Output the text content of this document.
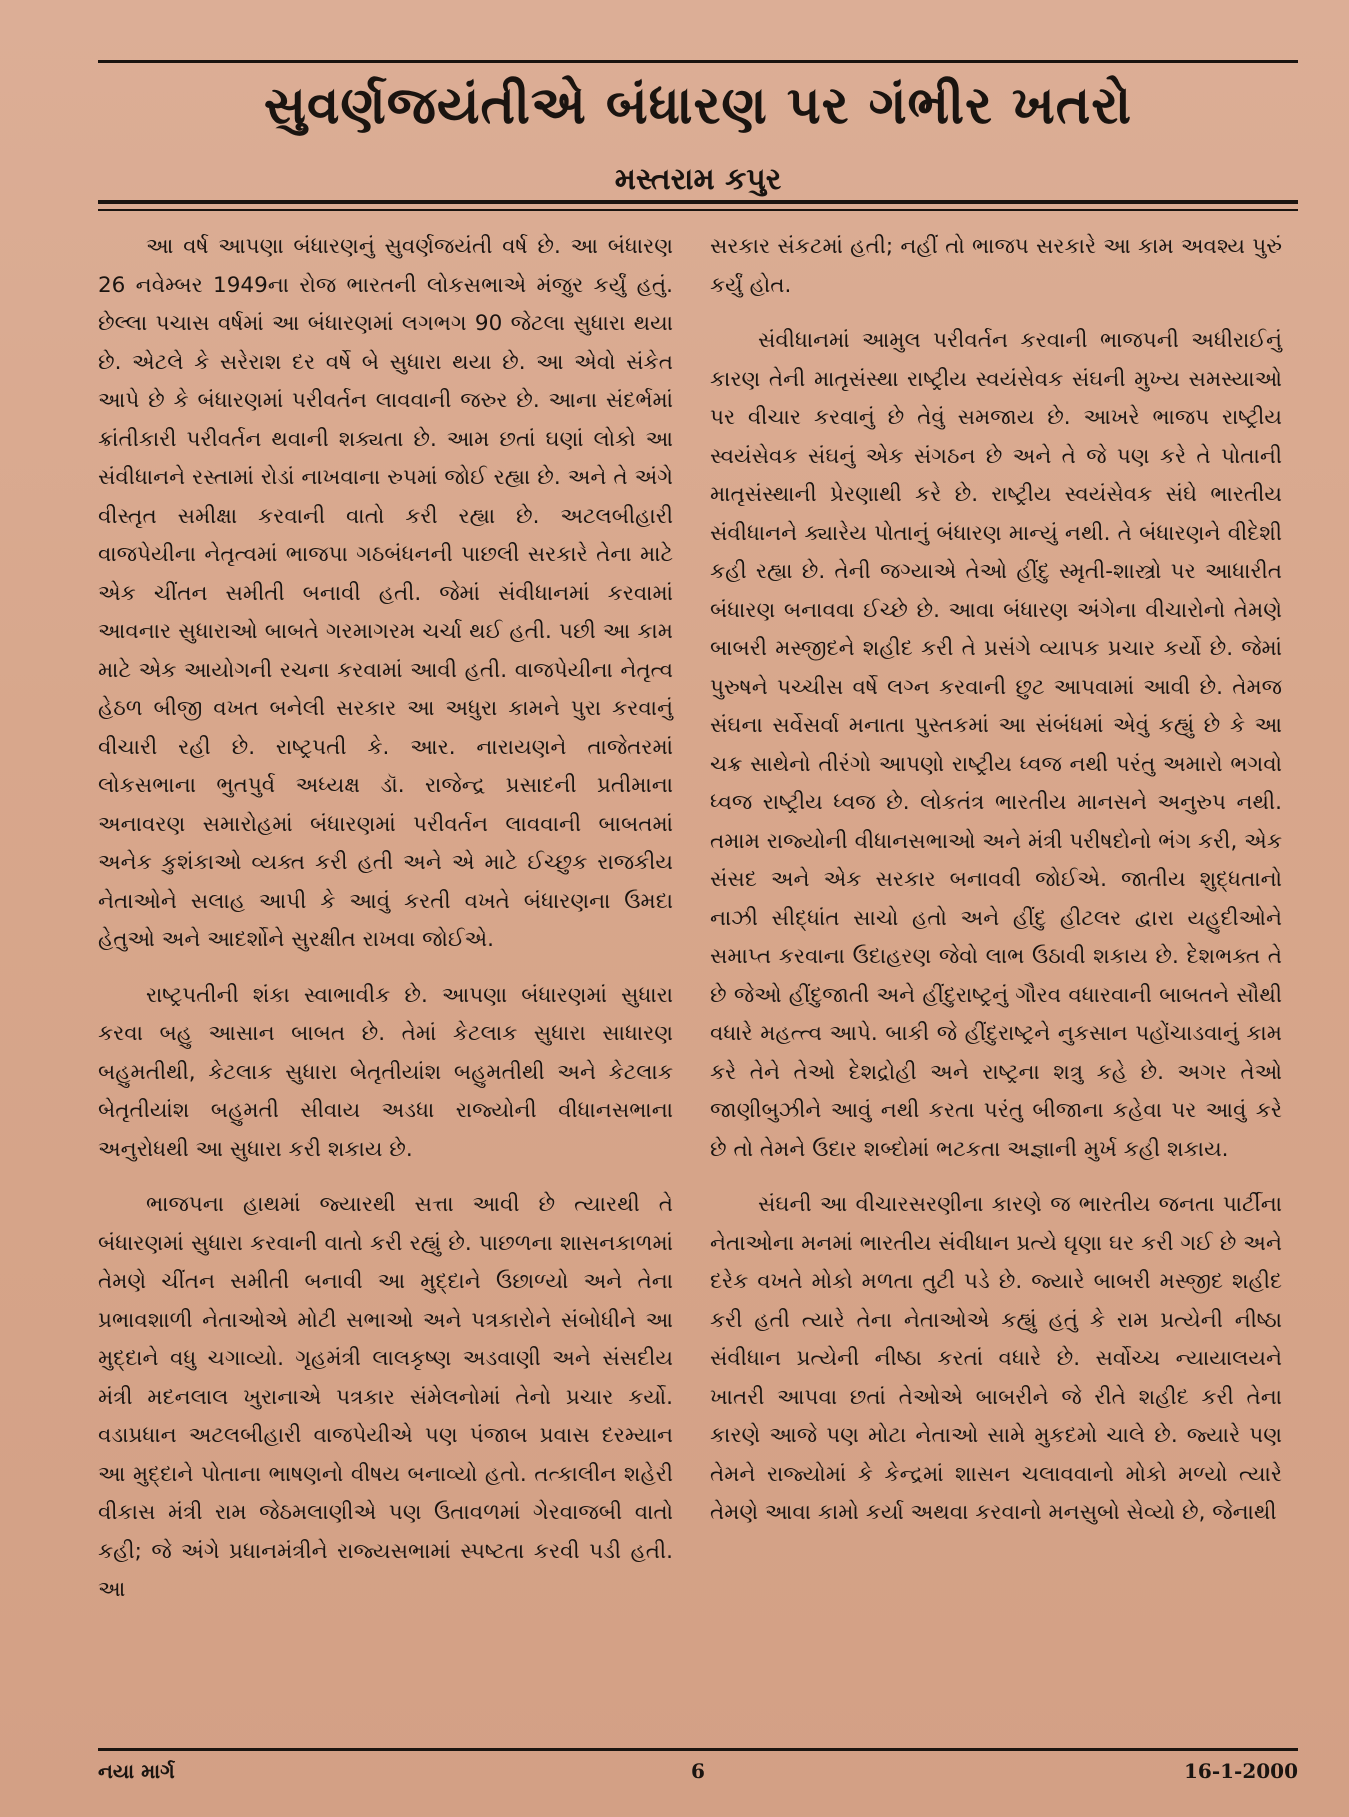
સુવર્ણજયંતીએ બંધારણ પર ગંભીર ખતરો
મસ્તરામ કપુર

આ વર્ષ આપણા બંધારણનું સુવર્ણજયંતી વર્ષ છે. આ બંધારણ 26 નવેમ્બર 1949ના રોજ ભારતની લોકસભાએ મંજુર કર્યું હતું. છેલ્લા પચાસ વર્ષમાં આ બંધારણમાં લગભગ 90 જેટલા સુધારા થયા છે. એટલે કે સરેરાશ દર વર્ષે બે સુધારા થયા છે. આ એવો સંકેત આપે છે કે બંધારણમાં પરીવર્તન લાવવાની જરુર છે. આના સંદર્ભમાં ક્રાંતીકારી પરીવર્તન થવાની શક્યતા છે. આમ છતાં ઘણાં લોકો આ સંવીધાનને રસ્તામાં રોડાં નાખવાના રુપમાં જોઈ રહ્યા છે. અને તે અંગે વીસ્તૃત સમીક્ષા કરવાની વાતો કરી રહ્યા છે. અટલબીહારી વાજપેયીના નેતૃત્વમાં ભાજપા ગઠબંધનની પાછલી સરકારે તેના માટે એક ચીંતન સમીતી બનાવી હતી. જેમાં સંવીધાનમાં કરવામાં આવનાર સુધારાઓ બાબતે ગરમાગરમ ચર્ચા થઈ હતી. પછી આ કામ માટે એક આયોગની રચના કરવામાં આવી હતી. વાજપેયીના નેતૃત્વ હેઠળ બીજી વખત બનેલી સરકાર આ અધુરા કામને પુરા કરવાનું વીચારી રહી છે. રાષ્ટ્રપતી કે. આર. નારાયણને તાજેતરમાં લોકસભાના ભુતપુર્વ અધ્યક્ષ ડૉ. રાજેન્દ્ર પ્રસાદની પ્રતીમાના અનાવરણ સમારોહમાં બંધારણમાં પરીવર્તન લાવવાની બાબતમાં અનેક કુશંકાઓ વ્યક્ત કરી હતી અને એ માટે ઈચ્છુક રાજકીય નેતાઓને સલાહ આપી કે આવું કરતી વખતે બંધારણના ઉમદા હેતુઓ અને આદર્શોને સુરક્ષીત રાખવા જોઈએ.

રાષ્ટ્રપતીની શંકા સ્વાભાવીક છે. આપણા બંધારણમાં સુધારા કરવા બહુ આસાન બાબત છે. તેમાં કેટલાક સુધારા સાધારણ બહુમતીથી, કેટલાક સુધારા બેતૃતીયાંશ બહુમતીથી અને કેટલાક બેતૃતીયાંશ બહુમતી સીવાય અડધા રાજ્યોની વીધાનસભાના અનુરોધથી આ સુધારા કરી શકાય છે.

ભાજપના હાથમાં જ્યારથી સત્તા આવી છે ત્યારથી તે બંધારણમાં સુધારા કરવાની વાતો કરી રહ્યું છે. પાછળના શાસનકાળમાં તેમણે ચીંતન સમીતી બનાવી આ મુદ્દાને ઉછાળ્યો અને તેના પ્રભાવશાળી નેતાઓએ મોટી સભાઓ અને પત્રકારોને સંબોધીને આ મુદ્દાને વધુ ચગાવ્યો. ગૃહમંત્રી લાલકૃષ્ણ અડવાણી અને સંસદીય મંત્રી મદનલાલ ખુરાનાએ પત્રકાર સંમેલનોમાં તેનો પ્રચાર કર્યો. વડાપ્રધાન અટલબીહારી વાજપેયીએ પણ પંજાબ પ્રવાસ દરમ્યાન આ મુદ્દાને પોતાના ભાષણનો વીષય બનાવ્યો હતો. તત્કાલીન શહેરી વીકાસ મંત્રી રામ જેઠમલાણીએ પણ ઉતાવળમાં ગેરવાજબી વાતો કહી; જે અંગે પ્રધાનમંત્રીને રાજ્યસભામાં સ્પષ્ટતા કરવી પડી હતી. આ

સરકાર સંકટમાં હતી; નહીં તો ભાજપ સરકારે આ કામ અવશ્ય પુરું કર્યું હોત.

સંવીધાનમાં આમુલ પરીવર્તન કરવાની ભાજપની અધીરાઈનું કારણ તેની માતૃસંસ્થા રાષ્ટ્રીય સ્વયંસેવક સંઘની મુખ્ય સમસ્યાઓ પર વીચાર કરવાનું છે તેવું સમજાય છે. આખરે ભાજપ રાષ્ટ્રીય સ્વયંસેવક સંઘનું એક સંગઠન છે અને તે જે પણ કરે તે પોતાની માતૃસંસ્થાની પ્રેરણાથી કરે છે. રાષ્ટ્રીય સ્વયંસેવક સંઘે ભારતીય સંવીધાનને ક્યારેય પોતાનું બંધારણ માન્યું નથી. તે બંધારણને વીદેશી કહી રહ્યા છે. તેની જગ્યાએ તેઓ હીંદુ સ્મૃતી-શાસ્ત્રો પર આધારીત બંધારણ બનાવવા ઈચ્છે છે. આવા બંધારણ અંગેના વીચારોનો તેમણે બાબરી મસ્જીદને શહીદ કરી તે પ્રસંગે વ્યાપક પ્રચાર કર્યો છે. જેમાં પુરુષને પચ્ચીસ વર્ષે લગ્ન કરવાની છુટ આપવામાં આવી છે. તેમજ સંઘના સર્વેસર્વા મનાતા પુસ્તકમાં આ સંબંધમાં એવું કહ્યું છે કે આ ચક્ર સાથેનો તીરંગો આપણો રાષ્ટ્રીય ધ્વજ નથી પરંતુ અમારો ભગવો ધ્વજ રાષ્ટ્રીય ધ્વજ છે. લોકતંત્ર ભારતીય માનસને અનુરુપ નથી. તમામ રાજ્યોની વીધાનસભાઓ અને મંત્રી પરીષદોનો ભંગ કરી, એક સંસદ અને એક સરકાર બનાવવી જોઈએ. જાતીય શુદ્ધતાનો નાઝી સીદ્ધાંત સાચો હતો અને હીંદુ હીટલર દ્વારા યહુદીઓને સમાપ્ત કરવાના ઉદાહરણ જેવો લાભ ઉઠાવી શકાય છે. દેશભક્ત તે છે જેઓ હીંદુજાતી અને હીંદુરાષ્ટ્રનું ગૌરવ વધારવાની બાબતને સૌથી વધારે મહત્ત્વ આપે. બાકી જે હીંદુરાષ્ટ્રને નુકસાન પહોંચાડવાનું કામ કરે તેને તેઓ દેશદ્રોહી અને રાષ્ટ્રના શત્રુ કહે છે. અગર તેઓ જાણીબુઝીને આવું નથી કરતા પરંતુ બીજાના કહેવા પર આવું કરે છે તો તેમને ઉદાર શબ્દોમાં ભટકતા અજ્ઞાની મુર્ખ કહી શકાય.

સંઘની આ વીચારસરણીના કારણે જ ભારતીય જનતા પાર્ટીના નેતાઓના મનમાં ભારતીય સંવીધાન પ્રત્યે ઘૃણા ઘર કરી ગઈ છે અને દરેક વખતે મોકો મળતા તુટી પડે છે. જ્યારે બાબરી મસ્જીદ શહીદ કરી હતી ત્યારે તેના નેતાઓએ કહ્યું હતું કે રામ પ્રત્યેની નીષ્ઠા સંવીધાન પ્રત્યેની નીષ્ઠા કરતાં વધારે છે. સર્વોચ્ચ ન્યાયાલયને ખાતરી આપવા છતાં તેઓએ બાબરીને જે રીતે શહીદ કરી તેના કારણે આજે પણ મોટા નેતાઓ સામે મુકદમો ચાલે છે. જ્યારે પણ તેમને રાજ્યોમાં કે કેન્દ્રમાં શાસન ચલાવવાનો મોકો મળ્યો ત્યારે તેમણે આવા કામો કર્યા અથવા કરવાનો મનસુબો સેવ્યો છે, જેનાથી

નયા માર્ગ	6	16-1-2000
